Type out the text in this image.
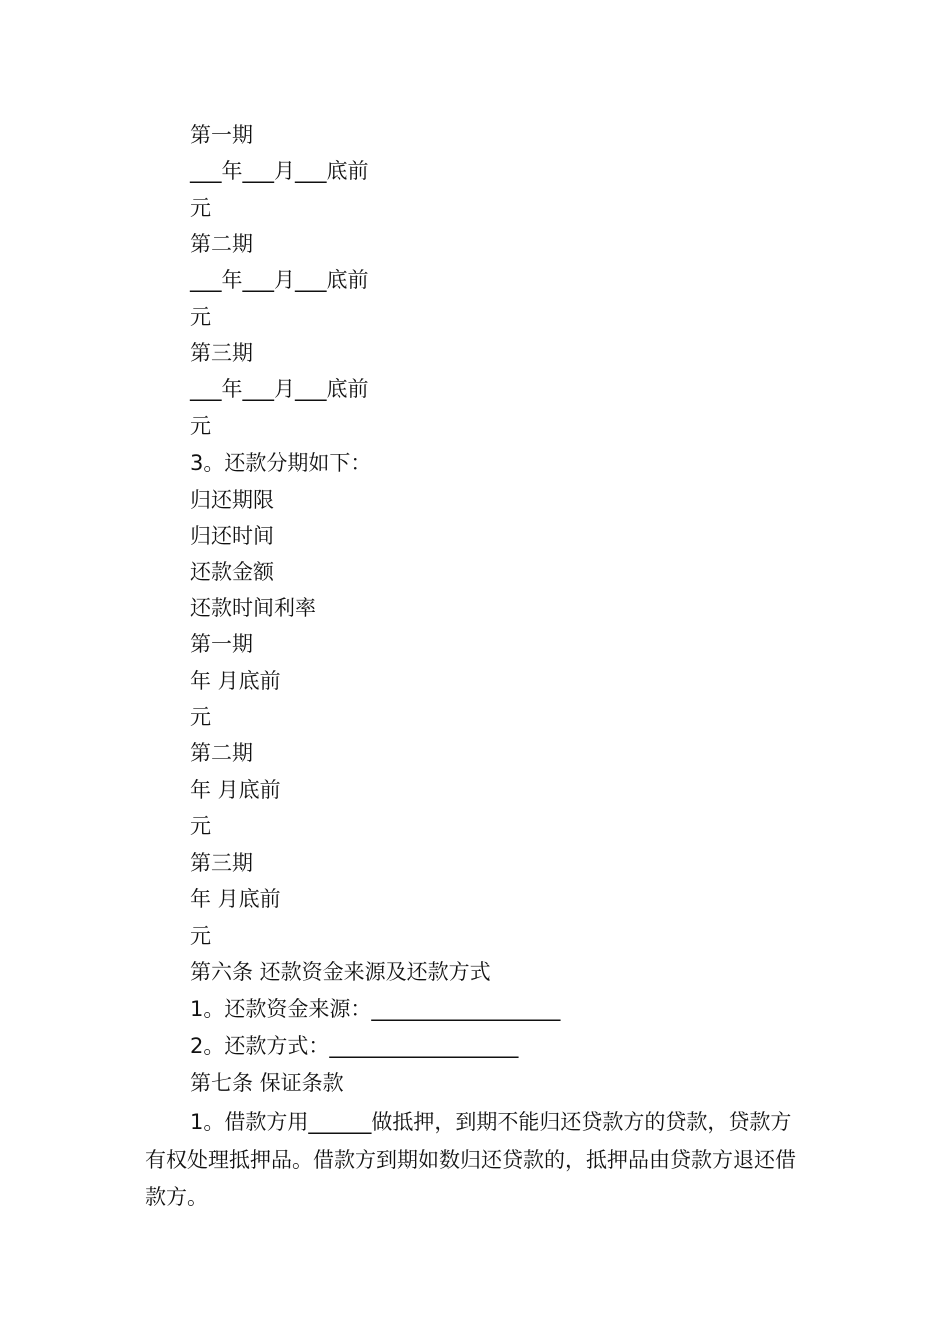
第一期
___年___月___底前
元
第二期
___年___月___底前
元
第三期
___年___月___底前
元
3。还款分期如下：
归还期限
归还时间
还款金额
还款时间利率
第一期
年 月底前
元
第二期
年 月底前
元
第三期
年 月底前
元
第六条 还款资金来源及还款方式
1。还款资金来源：__________________
2。还款方式：__________________
第七条 保证条款
1。借款方用______做抵押，到期不能归还贷款方的贷款，贷款方有权处理抵押品。借款方到期如数归还贷款的，抵押品由贷款方退还借款方。
